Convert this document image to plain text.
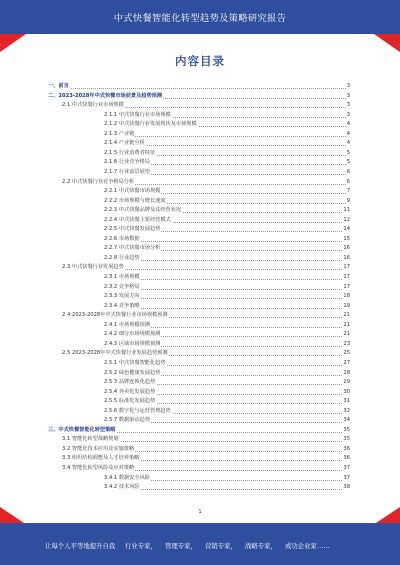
中式快餐智能化转型趋势及策略研究报告
内容目录
一、前言	3
二、2023-2028年中式快餐市场前景及趋势预测	3
2.1 中式快餐行业市场规模	3
2.1.1 中式快餐行业市场规模	3
2.1.2 中式快餐行业发展现状及市场规模	4
2.1.3 产业链	4
2.1.4 产业链分析	4
2.1.5 行业消费者特征	5
2.1.6 行业竞争格局	5
2.1.7 行业前景展望	6
2.2 中式快餐行业竞争格局分析	6
2.2.1 中式快餐市场规模	7
2.2.2 市场规模与增长速度	9
2.2.3 中式快餐品牌及其经营状况	11
2.2.4 中式快餐主要经营模式	12
2.2.5 中式快餐发展趋势	14
2.2.6 市场数据	15
2.2.7 中式快餐市场分析	16
2.2.8 行业趋势	16
2.3 中式快餐行业发展趋势	17
2.3.1 市场规模	17
2.3.2 竞争格局	17
2.3.3 发展方向	18
2.3.4 竞争策略	19
2.4 2023-2028年中式快餐行业市场规模预测	21
2.4.1 市场规模预测	21
2.4.2 细分市场规模预测	21
2.4.3 区域市场规模预测	23
2.5 2023-2028年中式快餐行业发展趋势预测	25
2.5.1 中式快餐智能化趋势	27
2.5.2 绿色健康发展趋势	28
2.5.3 品牌连锁化趋势	29
2.5.4 外卖化发展趋势	30
2.5.5 标准化发展趋势	31
2.5.6 数字化与运营管理趋势	32
2.5.7 数据驱动趋势	34
三、中式快餐智能化转型策略	35
3.1 智能化转型战略规划	35
3.2 智能化技术应用及实施策略	36
3.3 组织结构调整及人才培养策略	36
3.4 智能化转型风险及应对策略	37
3.4.1 数据安全风险	37
3.4.2 技术风险	38
1
让每个人平等地提升自我 行业专家， 管理专家， 营销专家， 战略专家， 成功企业家……
